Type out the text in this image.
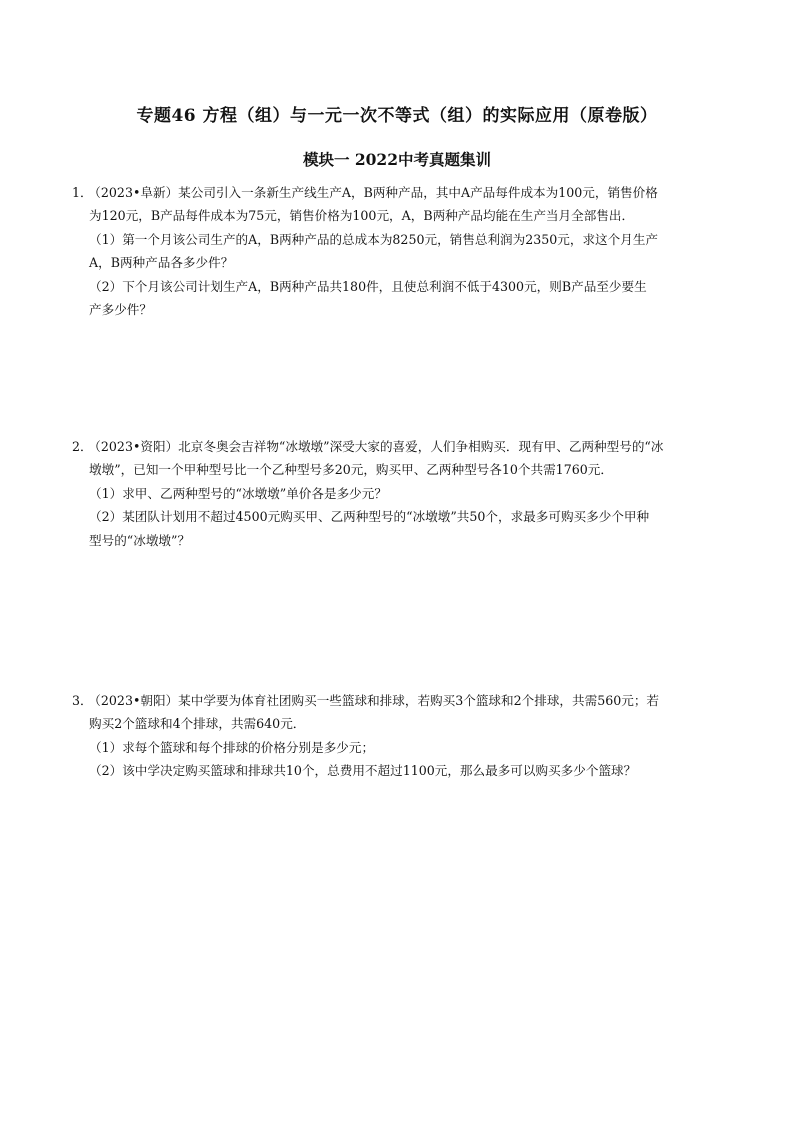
专题46 方程（组）与一元一次不等式（组）的实际应用（原卷版）
模块一 2022中考真题集训
1． （2023•阜新）某公司引入一条新生产线生产A，B两种产品，其中A产品每件成本为100元，销售价格
为120元，B产品每件成本为75元，销售价格为100元，A，B两种产品均能在生产当月全部售出．
（1）第一个月该公司生产的A，B两种产品的总成本为8250元，销售总利润为2350元，求这个月生产
A，B两种产品各多少件？
（2）下个月该公司计划生产A，B两种产品共180件，且使总利润不低于4300元，则B产品至少要生
产多少件？
2． （2023•资阳）北京冬奥会吉祥物“冰墩墩”深受大家的喜爱，人们争相购买．现有甲、乙两种型号的“冰
墩墩”，已知一个甲种型号比一个乙种型号多20元，购买甲、乙两种型号各10个共需1760元．
（1）求甲、乙两种型号的“冰墩墩”单价各是多少元？
（2）某团队计划用不超过4500元购买甲、乙两种型号的“冰墩墩”共50个，求最多可购买多少个甲种
型号的“冰墩墩”？
3． （2023•朝阳）某中学要为体育社团购买一些篮球和排球，若购买3个篮球和2个排球，共需560元；若
购买2个篮球和4个排球，共需640元．
（1）求每个篮球和每个排球的价格分别是多少元；
（2）该中学决定购买篮球和排球共10个，总费用不超过1100元，那么最多可以购买多少个篮球？
